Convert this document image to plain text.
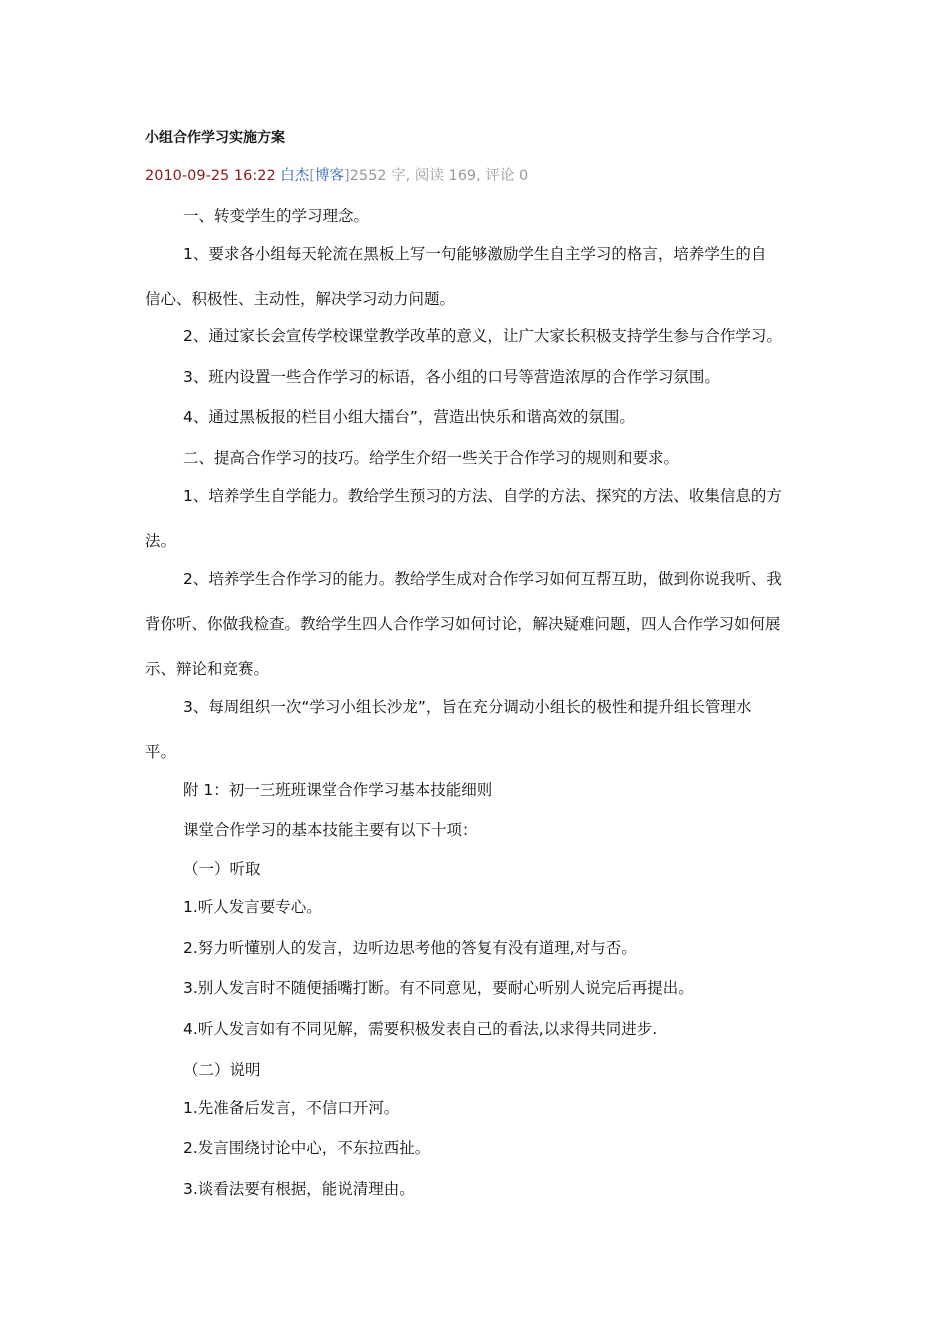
小组合作学习实施方案
2010-09-25 16:22 白杰[博客]2552 字, 阅读 169, 评论 0
一、转变学生的学习理念。
1、要求各小组每天轮流在黑板上写一句能够激励学生自主学习的格言，培养学生的自
信心、积极性、主动性，解决学习动力问题。
2、通过家长会宣传学校课堂教学改革的意义，让广大家长积极支持学生参与合作学习。
3、班内设置一些合作学习的标语，各小组的口号等营造浓厚的合作学习氛围。
4、通过黑板报的栏目小组大擂台”，营造出快乐和谐高效的氛围。
二、提高合作学习的技巧。给学生介绍一些关于合作学习的规则和要求。
1、培养学生自学能力。教给学生预习的方法、自学的方法、探究的方法、收集信息的方
法。
2、培养学生合作学习的能力。教给学生成对合作学习如何互帮互助，做到你说我听、我
背你听、你做我检查。教给学生四人合作学习如何讨论，解决疑难问题，四人合作学习如何展
示、辩论和竞赛。
3、每周组织一次“学习小组长沙龙”，旨在充分调动小组长的极性和提升组长管理水
平。
附 1：初一三班班课堂合作学习基本技能细则
课堂合作学习的基本技能主要有以下十项：
（一）听取
1.听人发言要专心。
2.努力听懂别人的发言，边听边思考他的答复有没有道理,对与否。
3.别人发言时不随便插嘴打断。有不同意见，要耐心听别人说完后再提出。
4.听人发言如有不同见解，需要积极发表自己的看法,以求得共同进步.
（二）说明
1.先准备后发言，不信口开河。
2.发言围绕讨论中心，不东拉西扯。
3.谈看法要有根据，能说清理由。
